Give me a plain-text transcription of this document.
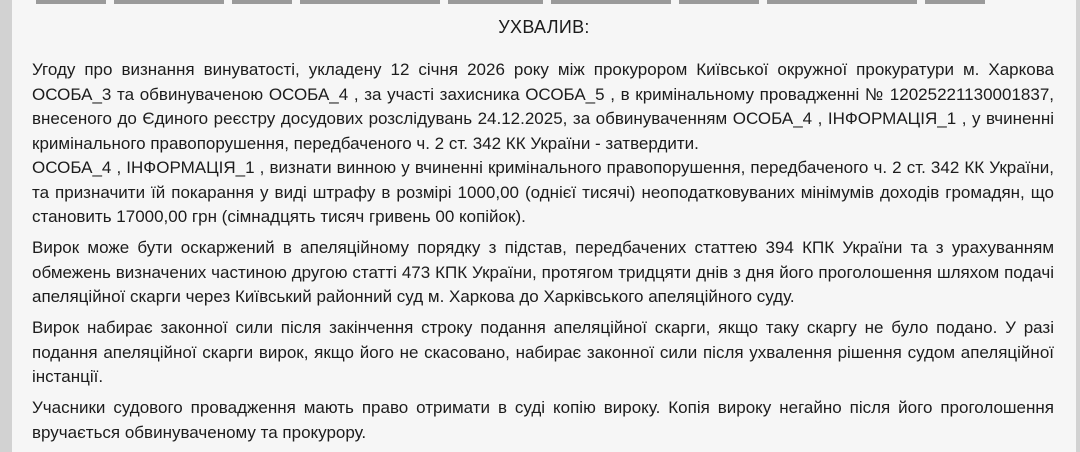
УХВАЛИВ:

Угоду про визнання винуватості, укладену 12 січня 2026 року між прокурором Київської окружної прокуратури м. Харкова ОСОБА_3 та обвинуваченою ОСОБА_4 , за участі захисника ОСОБА_5 , в кримінальному провадженні № 12025221130001837, внесеного до Єдиного реєстру досудових розслідувань 24.12.2025, за обвинуваченням ОСОБА_4 , ІНФОРМАЦІЯ_1 , у вчиненні кримінального правопорушення, передбаченого ч. 2 ст. 342 КК України - затвердити.

ОСОБА_4 , ІНФОРМАЦІЯ_1 , визнати винною у вчиненні кримінального правопорушення, передбаченого ч. 2 ст. 342 КК України, та призначити їй покарання у виді штрафу в розмірі 1000,00 (однієї тисячі) неоподатковуваних мінімумів доходів громадян, що становить 17000,00 грн (сімнадцять тисяч гривень 00 копійок).

Вирок може бути оскаржений в апеляційному порядку з підстав, передбачених статтею 394 КПК України та з урахуванням обмежень визначених частиною другою статті 473 КПК України, протягом тридцяти днів з дня його проголошення шляхом подачі апеляційної скарги через Київський районний суд м. Харкова до Харківського апеляційного суду.

Вирок набирає законної сили після закінчення строку подання апеляційної скарги, якщо таку скаргу не було подано. У разі подання апеляційної скарги вирок, якщо його не скасовано, набирає законної сили після ухвалення рішення судом апеляційної інстанції.

Учасники судового провадження мають право отримати в суді копію вироку. Копія вироку негайно після його проголошення вручається обвинуваченому та прокурору.
